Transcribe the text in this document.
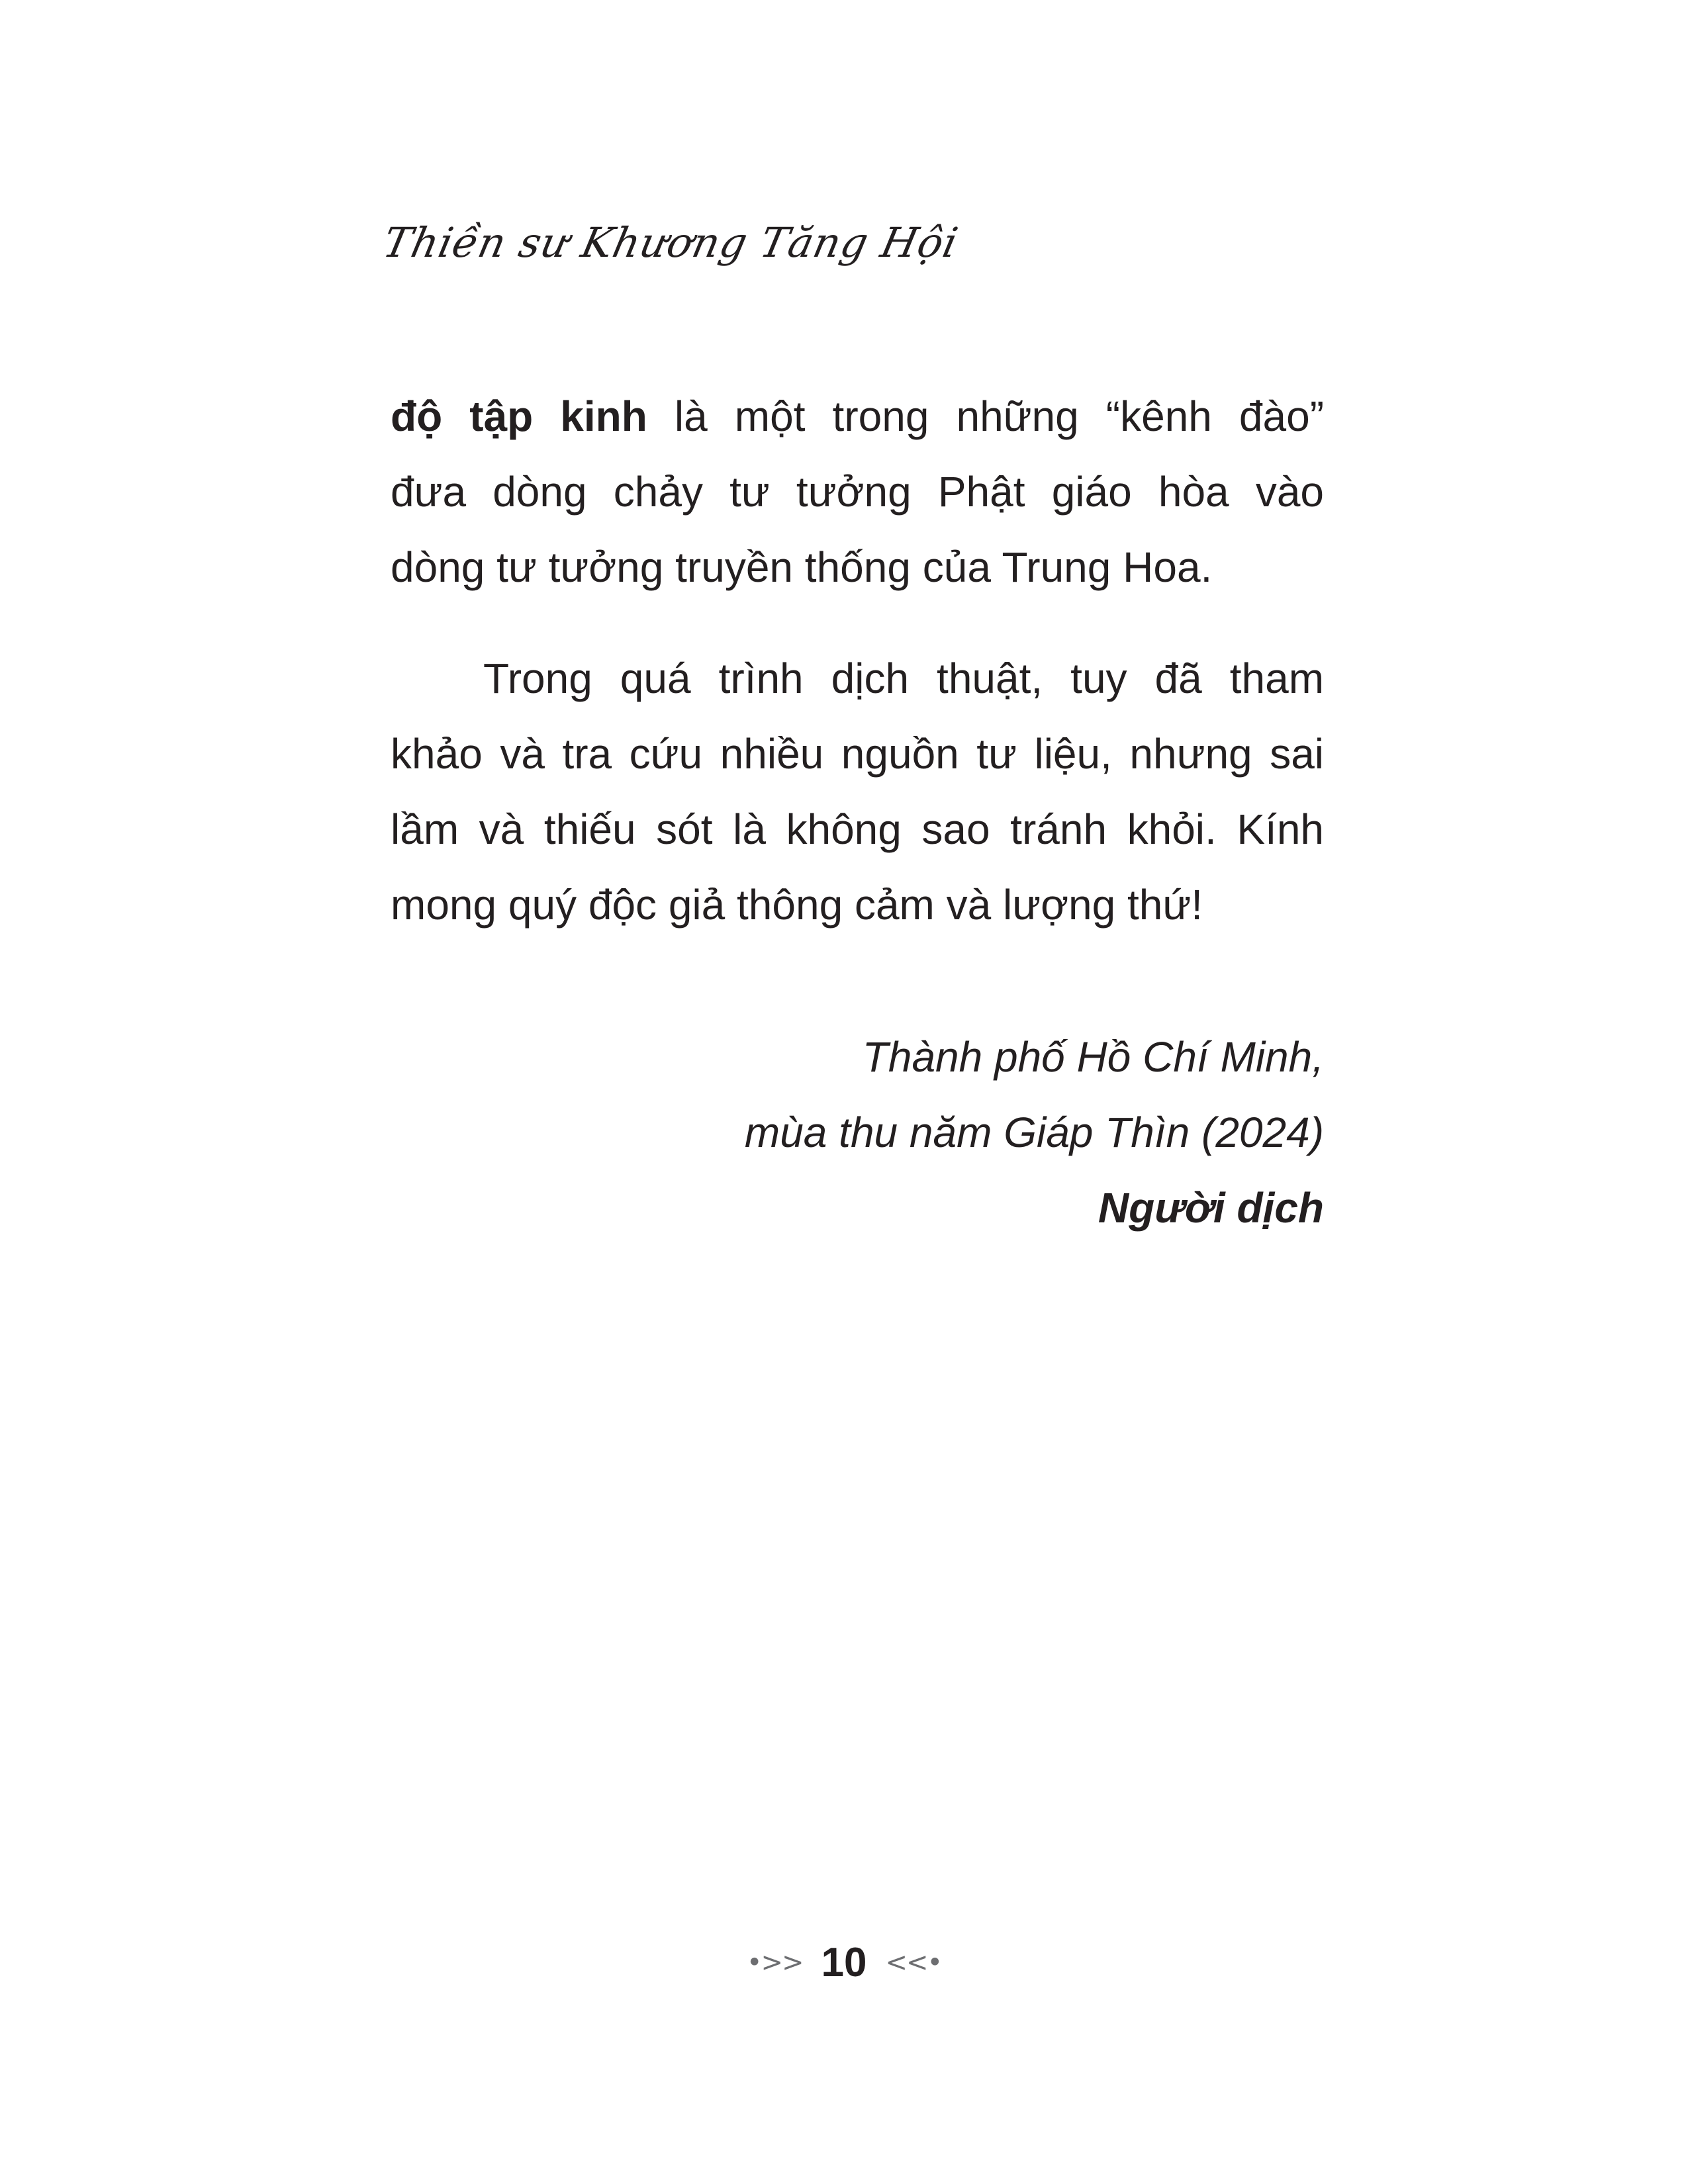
Thiền sư Khương Tăng Hội

độ tập kinh là một trong những “kênh đào”
đưa dòng chảy tư tưởng Phật giáo hòa vào
dòng tư tưởng truyền thống của Trung Hoa.

Trong quá trình dịch thuật, tuy đã tham
khảo và tra cứu nhiều nguồn tư liệu, nhưng sai
lầm và thiếu sót là không sao tránh khỏi. Kính
mong quý độc giả thông cảm và lượng thứ!

Thành phố Hồ Chí Minh,
mùa thu năm Giáp Thìn (2024)
Người dịch
•>> 10 <<•
